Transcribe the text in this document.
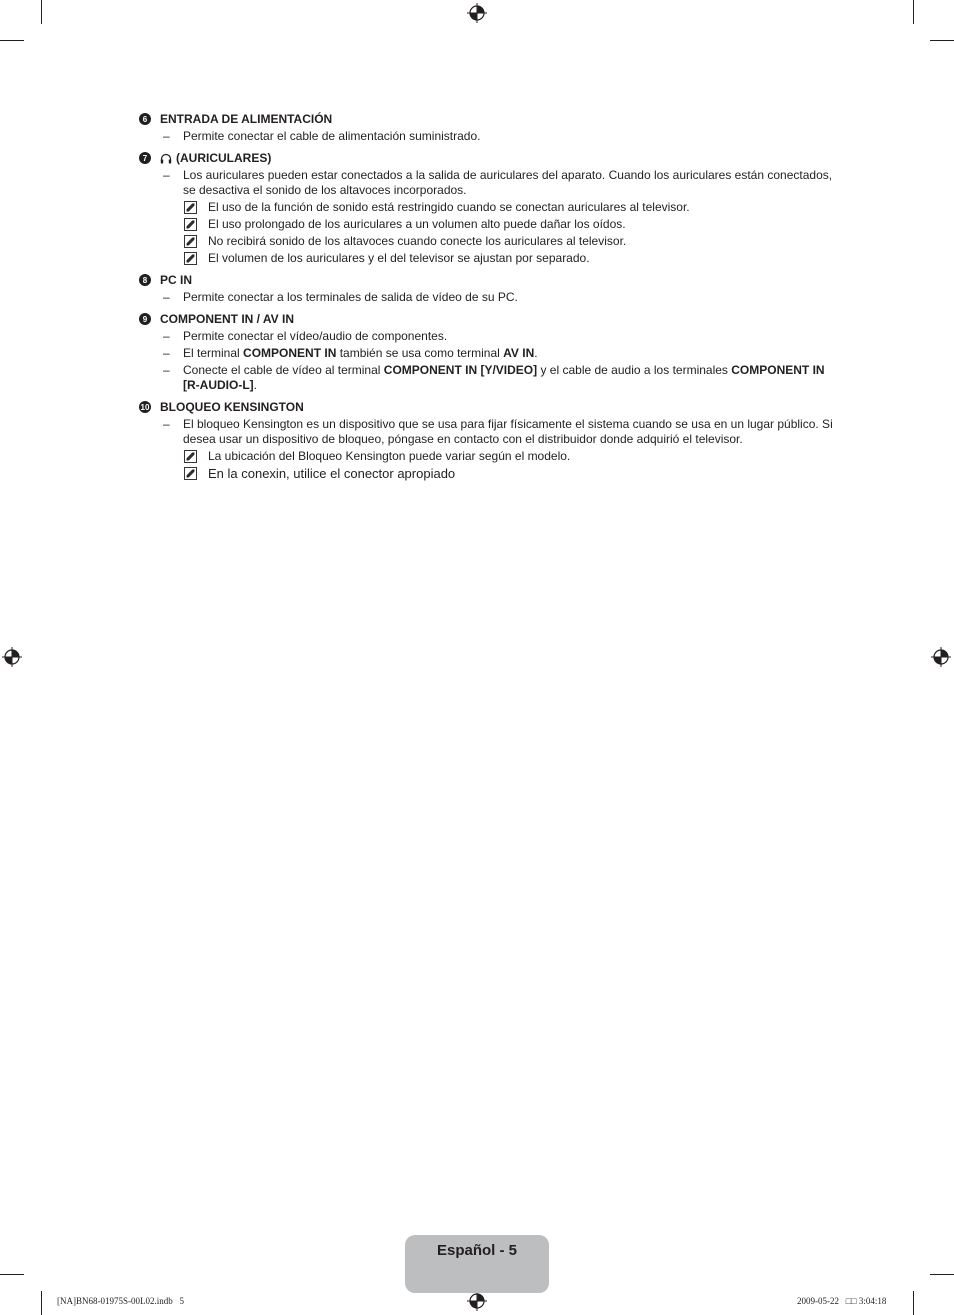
6	ENTRADA DE ALIMENTACIÓN
–	Permite conectar el cable de alimentación suministrado.
7	(AURICULARES)
–	Los auriculares pueden estar conectados a la salida de auriculares del aparato. Cuando los auriculares están conectados, se desactiva el sonido de los altavoces incorporados.
El uso de la función de sonido está restringido cuando se conectan auriculares al televisor.
El uso prolongado de los auriculares a un volumen alto puede dañar los oídos.
No recibirá sonido de los altavoces cuando conecte los auriculares al televisor.
El volumen de los auriculares y el del televisor se ajustan por separado.
8	PC IN
–	Permite conectar a los terminales de salida de vídeo de su PC.
9	COMPONENT IN / AV IN
–	Permite conectar el vídeo/audio de componentes.
–	El terminal COMPONENT IN también se usa como terminal AV IN.
–	Conecte el cable de vídeo al terminal COMPONENT IN [Y/VIDEO] y el cable de audio a los terminales COMPONENT IN [R-AUDIO-L].
10 BLOQUEO KENSINGTON
–	El bloqueo Kensington es un dispositivo que se usa para fijar físicamente el sistema cuando se usa en un lugar público. Si desea usar un dispositivo de bloqueo, póngase en contacto con el distribuidor donde adquirió el televisor.
La ubicación del Bloqueo Kensington puede variar según el modelo.
En la conexin, utilice el conector apropiado
Español - 5
[NA]BN68-01975S-00L02.indb   5	2009-05-22   □□ 3:04:18
